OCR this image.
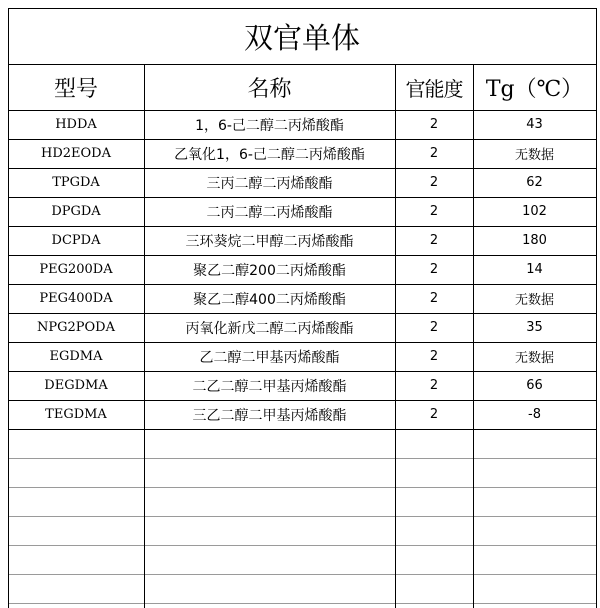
双官单体
型号	名称	官能度	Tg（℃）
HDDA	1，6-己二醇二丙烯酸酯	2	43
HD2EODA	乙氧化1，6-己二醇二丙烯酸酯	2	无数据
TPGDA	三丙二醇二丙烯酸酯	2	62
DPGDA	二丙二醇二丙烯酸酯	2	102
DCPDA	三环葵烷二甲醇二丙烯酸酯	2	180
PEG200DA	聚乙二醇200二丙烯酸酯	2	14
PEG400DA	聚乙二醇400二丙烯酸酯	2	无数据
NPG2PODA	丙氧化新戊二醇二丙烯酸酯	2	35
EGDMA	乙二醇二甲基丙烯酸酯	2	无数据
DEGDMA	二乙二醇二甲基丙烯酸酯	2	66
TEGDMA	三乙二醇二甲基丙烯酸酯	2	-8
